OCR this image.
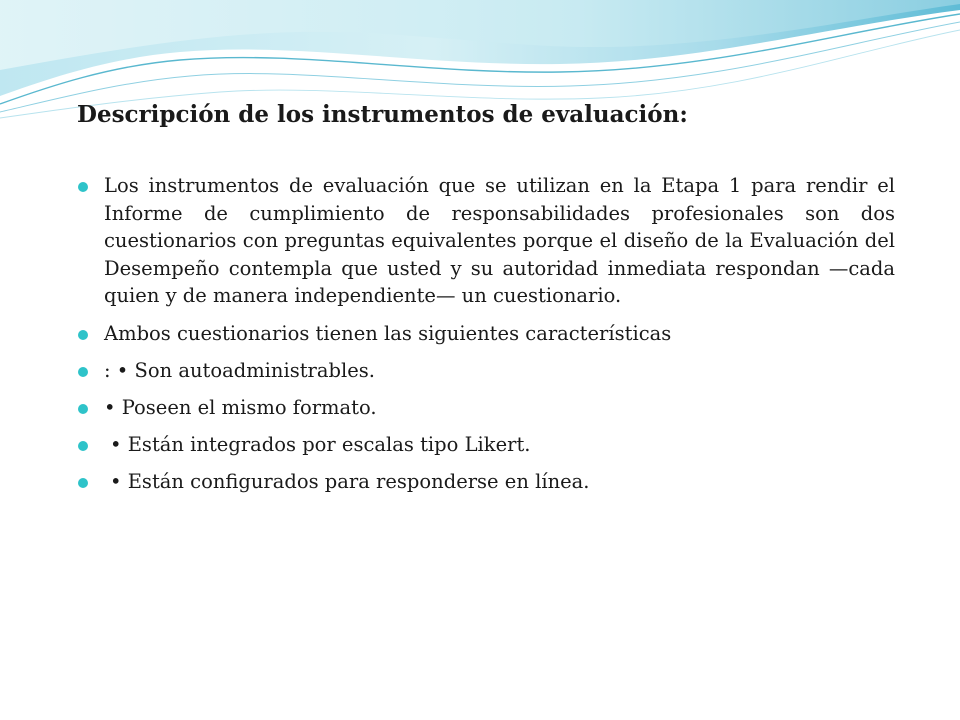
Descripción de los instrumentos de evaluación:
Los instrumentos de evaluación que se utilizan en la Etapa 1 para rendir el Informe de cumplimiento de responsabilidades profesionales son dos cuestionarios con preguntas equivalentes porque el diseño de la Evaluación del Desempeño contempla que usted y su autoridad inmediata respondan —cada quien y de manera independiente— un cuestionario.
Ambos cuestionarios tienen las siguientes características
: • Son autoadministrables.
• Poseen el mismo formato.
• Están integrados por escalas tipo Likert.
• Están configurados para responderse en línea.
